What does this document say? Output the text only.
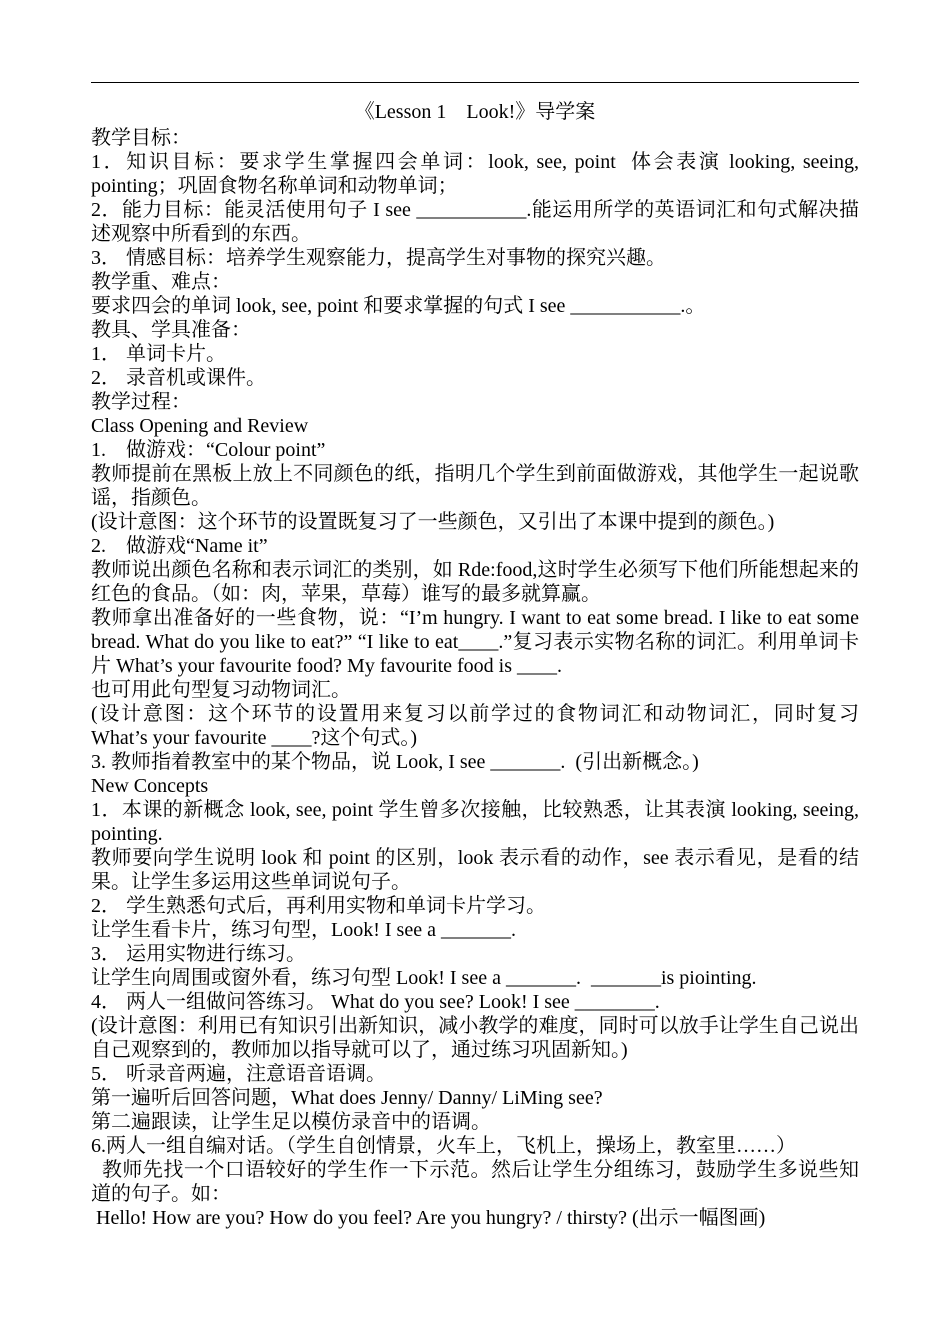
《Lesson 1　Look!》导学案

教学目标：

1．知识目标：要求学生掌握四会单词：look, see, point  体会表演 looking, seeing, pointing；巩固食物名称单词和动物单词；

2．能力目标：能灵活使用句子 I see ___________.能运用所学的英语词汇和句式解决描述观察中所看到的东西。

3． 情感目标：培养学生观察能力，提高学生对事物的探究兴趣。

教学重、难点：

要求四会的单词 look, see, point 和要求掌握的句式 I see ___________.。

教具、学具准备：

1． 单词卡片。

2． 录音机或课件。

教学过程：

Class Opening and Review

1.　做游戏：“Colour point”

教师提前在黑板上放上不同颜色的纸，指明几个学生到前面做游戏，其他学生一起说歌谣，指颜色。

(设计意图：这个环节的设置既复习了一些颜色，又引出了本课中提到的颜色。)

2.　做游戏“Name it”

教师说出颜色名称和表示词汇的类别，如 Rde:food,这时学生必须写下他们所能想起来的红色的食品。（如：肉，苹果，草莓）谁写的最多就算赢。

教师拿出准备好的一些食物，说：“I’m hungry. I want to eat some bread. I like to eat some bread. What do you like to eat?” “I like to eat____.”复习表示实物名称的词汇。利用单词卡片 What’s your favourite food? My favourite food is ____.

也可用此句型复习动物词汇。

(设计意图：这个环节的设置用来复习以前学过的食物词汇和动物词汇，同时复习 What’s your favourite ____?这个句式。)

3. 教师指着教室中的某个物品，说 Look, I see _______.  (引出新概念。)

New Concepts

1．本课的新概念 look, see, point 学生曾多次接触，比较熟悉，让其表演 looking, seeing, pointing.

教师要向学生说明 look 和 point 的区别，look 表示看的动作，see 表示看见，是看的结果。让学生多运用这些单词说句子。

2． 学生熟悉句式后，再利用实物和单词卡片学习。

让学生看卡片，练习句型，Look! I see a _______.

3． 运用实物进行练习。

让学生向周围或窗外看，练习句型 Look! I see a _______.  _______is piointing.

4． 两人一组做问答练习。 What do you see? Look! I see ________.

(设计意图：利用已有知识引出新知识，减小教学的难度，同时可以放手让学生自己说出自己观察到的，教师加以指导就可以了，通过练习巩固新知。)

5． 听录音两遍，注意语音语调。

第一遍听后回答问题，What does Jenny/ Danny/ LiMing see?

第二遍跟读，让学生足以模仿录音中的语调。

6.两人一组自编对话。（学生自创情景，火车上，飞机上，操场上，教室里……）

教师先找一个口语较好的学生作一下示范。然后让学生分组练习，鼓励学生多说些知道的句子。如：

Hello! How are you? How do you feel? Are you hungry? / thirsty? (出示一幅图画)
